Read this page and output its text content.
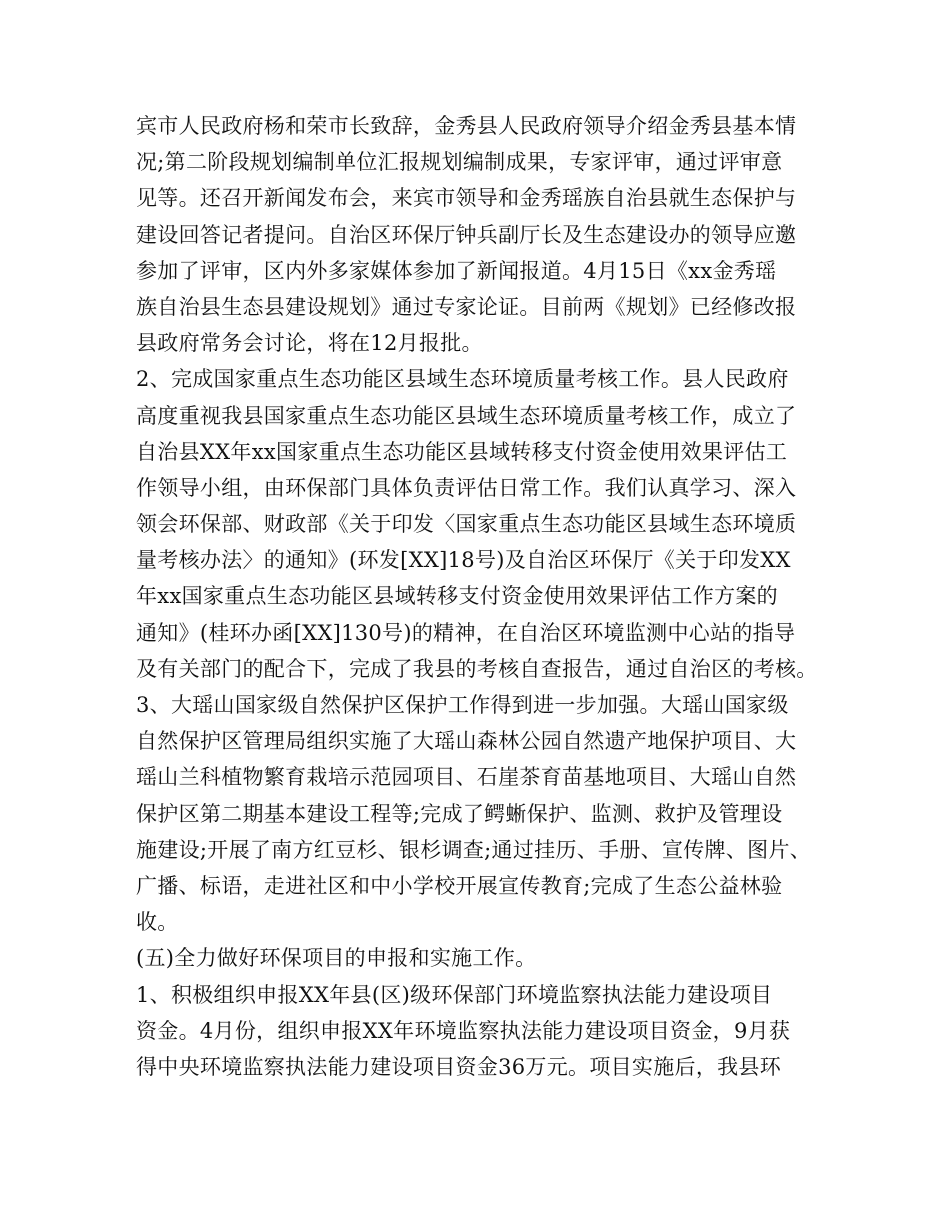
宾市人民政府杨和荣市长致辞，金秀县人民政府领导介绍金秀县基本情
况;第二阶段规划编制单位汇报规划编制成果，专家评审，通过评审意
见等。还召开新闻发布会，来宾市领导和金秀瑶族自治县就生态保护与
建设回答记者提问。自治区环保厅钟兵副厅长及生态建设办的领导应邀
参加了评审，区内外多家媒体参加了新闻报道。4月15日《xx金秀瑶
族自治县生态县建设规划》通过专家论证。目前两《规划》已经修改报
县政府常务会讨论，将在12月报批。
2、完成国家重点生态功能区县域生态环境质量考核工作。县人民政府
高度重视我县国家重点生态功能区县域生态环境质量考核工作，成立了
自治县XX年xx国家重点生态功能区县域转移支付资金使用效果评估工
作领导小组，由环保部门具体负责评估日常工作。我们认真学习、深入
领会环保部、财政部《关于印发〈国家重点生态功能区县域生态环境质
量考核办法〉的通知》(环发[XX]18号)及自治区环保厅《关于印发XX
年xx国家重点生态功能区县域转移支付资金使用效果评估工作方案的
通知》(桂环办函[XX]130号)的精神，在自治区环境监测中心站的指导
及有关部门的配合下，完成了我县的考核自查报告，通过自治区的考核。
3、大瑶山国家级自然保护区保护工作得到进一步加强。大瑶山国家级
自然保护区管理局组织实施了大瑶山森林公园自然遗产地保护项目、大
瑶山兰科植物繁育栽培示范园项目、石崖茶育苗基地项目、大瑶山自然
保护区第二期基本建设工程等;完成了鳄蜥保护、监测、救护及管理设
施建设;开展了南方红豆杉、银杉调查;通过挂历、手册、宣传牌、图片、
广播、标语，走进社区和中小学校开展宣传教育;完成了生态公益林验
收。
(五)全力做好环保项目的申报和实施工作。
1、积极组织申报XX年县(区)级环保部门环境监察执法能力建设项目
资金。4月份，组织申报XX年环境监察执法能力建设项目资金，9月获
得中央环境监察执法能力建设项目资金36万元。项目实施后，我县环
